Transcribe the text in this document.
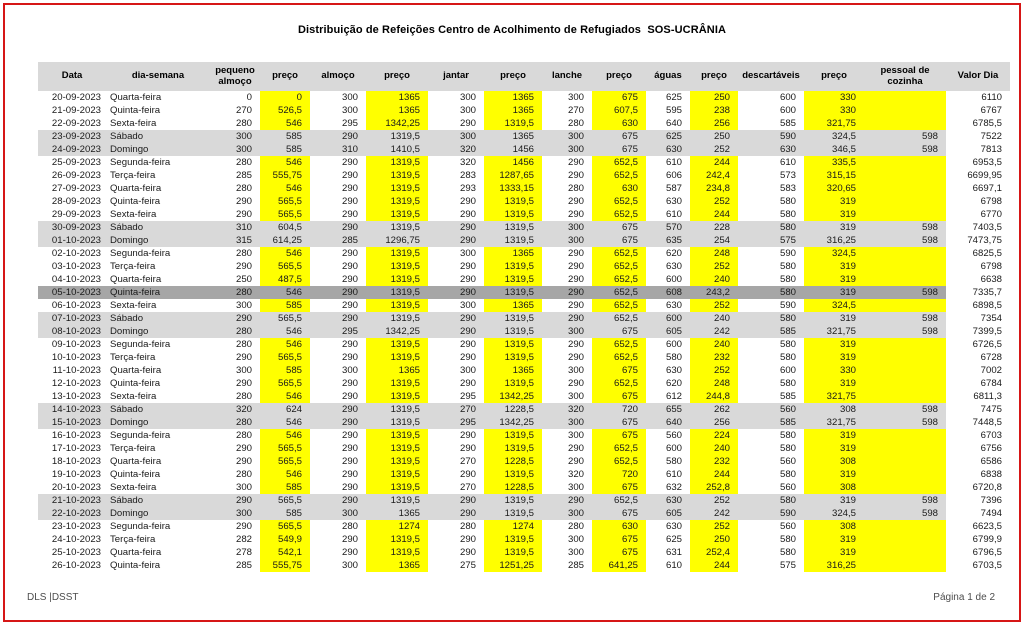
Distribuição de Refeições Centro de Acolhimento de Refugiados  SOS-UCRÂNIA
Data	dia-semana	pequeno almoço	preço	almoço	preço	jantar	preço	lanche	preço	águas	preço	descartáveis	preço	pessoal de cozinha	Valor Dia
20-09-2023	Quarta-feira	0	0	300	1365	300	1365	300	675	625	250	600	330		6110
21-09-2023	Quinta-feira	270	526,5	300	1365	300	1365	270	607,5	595	238	600	330		6767
22-09-2023	Sexta-feira	280	546	295	1342,25	290	1319,5	280	630	640	256	585	321,75		6785,5
23-09-2023	Sábado	300	585	290	1319,5	300	1365	300	675	625	250	590	324,5	598	7522
24-09-2023	Domingo	300	585	310	1410,5	320	1456	300	675	630	252	630	346,5	598	7813
25-09-2023	Segunda-feira	280	546	290	1319,5	320	1456	290	652,5	610	244	610	335,5		6953,5
26-09-2023	Terça-feira	285	555,75	290	1319,5	283	1287,65	290	652,5	606	242,4	573	315,15		6699,95
27-09-2023	Quarta-feira	280	546	290	1319,5	293	1333,15	280	630	587	234,8	583	320,65		6697,1
28-09-2023	Quinta-feira	290	565,5	290	1319,5	290	1319,5	290	652,5	630	252	580	319		6798
29-09-2023	Sexta-feira	290	565,5	290	1319,5	290	1319,5	290	652,5	610	244	580	319		6770
30-09-2023	Sábado	310	604,5	290	1319,5	290	1319,5	300	675	570	228	580	319	598	7403,5
01-10-2023	Domingo	315	614,25	285	1296,75	290	1319,5	300	675	635	254	575	316,25	598	7473,75
02-10-2023	Segunda-feira	280	546	290	1319,5	300	1365	290	652,5	620	248	590	324,5		6825,5
03-10-2023	Terça-feira	290	565,5	290	1319,5	290	1319,5	290	652,5	630	252	580	319		6798
04-10-2023	Quarta-feira	250	487,5	290	1319,5	290	1319,5	290	652,5	600	240	580	319		6638
05-10-2023	Quinta-feira	280	546	290	1319,5	290	1319,5	290	652,5	608	243,2	580	319	598	7335,7
06-10-2023	Sexta-feira	300	585	290	1319,5	300	1365	290	652,5	630	252	590	324,5		6898,5
07-10-2023	Sábado	290	565,5	290	1319,5	290	1319,5	290	652,5	600	240	580	319	598	7354
08-10-2023	Domingo	280	546	295	1342,25	290	1319,5	300	675	605	242	585	321,75	598	7399,5
09-10-2023	Segunda-feira	280	546	290	1319,5	290	1319,5	290	652,5	600	240	580	319		6726,5
10-10-2023	Terça-feira	290	565,5	290	1319,5	290	1319,5	290	652,5	580	232	580	319		6728
11-10-2023	Quarta-feira	300	585	300	1365	300	1365	300	675	630	252	600	330		7002
12-10-2023	Quinta-feira	290	565,5	290	1319,5	290	1319,5	290	652,5	620	248	580	319		6784
13-10-2023	Sexta-feira	280	546	290	1319,5	295	1342,25	300	675	612	244,8	585	321,75		6811,3
14-10-2023	Sábado	320	624	290	1319,5	270	1228,5	320	720	655	262	560	308	598	7475
15-10-2023	Domingo	280	546	290	1319,5	295	1342,25	300	675	640	256	585	321,75	598	7448,5
16-10-2023	Segunda-feira	280	546	290	1319,5	290	1319,5	300	675	560	224	580	319		6703
17-10-2023	Terça-feira	290	565,5	290	1319,5	290	1319,5	290	652,5	600	240	580	319		6756
18-10-2023	Quarta-feira	290	565,5	290	1319,5	270	1228,5	290	652,5	580	232	560	308		6586
19-10-2023	Quinta-feira	280	546	290	1319,5	290	1319,5	320	720	610	244	580	319		6838
20-10-2023	Sexta-feira	300	585	290	1319,5	270	1228,5	300	675	632	252,8	560	308		6720,8
21-10-2023	Sábado	290	565,5	290	1319,5	290	1319,5	290	652,5	630	252	580	319	598	7396
22-10-2023	Domingo	300	585	300	1365	290	1319,5	300	675	605	242	590	324,5	598	7494
23-10-2023	Segunda-feira	290	565,5	280	1274	280	1274	280	630	630	252	560	308		6623,5
24-10-2023	Terça-feira	282	549,9	290	1319,5	290	1319,5	300	675	625	250	580	319		6799,9
25-10-2023	Quarta-feira	278	542,1	290	1319,5	290	1319,5	300	675	631	252,4	580	319		6796,5
26-10-2023	Quinta-feira	285	555,75	300	1365	275	1251,25	285	641,25	610	244	575	316,25		6703,5
DLS |DSST	Página 1 de 2
